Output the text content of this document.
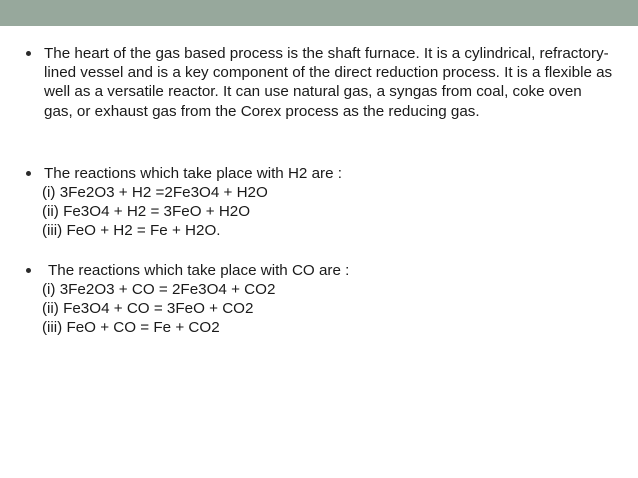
The heart of the gas based process is the shaft furnace. It is a cylindrical, refractory-lined vessel and is a key component of the direct reduction process. It is a flexible as well as a versatile reactor. It can use natural gas, a syngas from coal, coke oven gas, or exhaust gas from the Corex process as the reducing gas.
The reactions which take place with H2 are :
(i) 3Fe2O3 + H2 =2Fe3O4 + H2O
(ii) Fe3O4 + H2 = 3FeO + H2O
(iii) FeO + H2 = Fe + H2O.
The reactions which take place with CO are :
(i) 3Fe2O3 + CO = 2Fe3O4 + CO2
(ii) Fe3O4 + CO = 3FeO + CO2
(iii) FeO + CO = Fe + CO2
